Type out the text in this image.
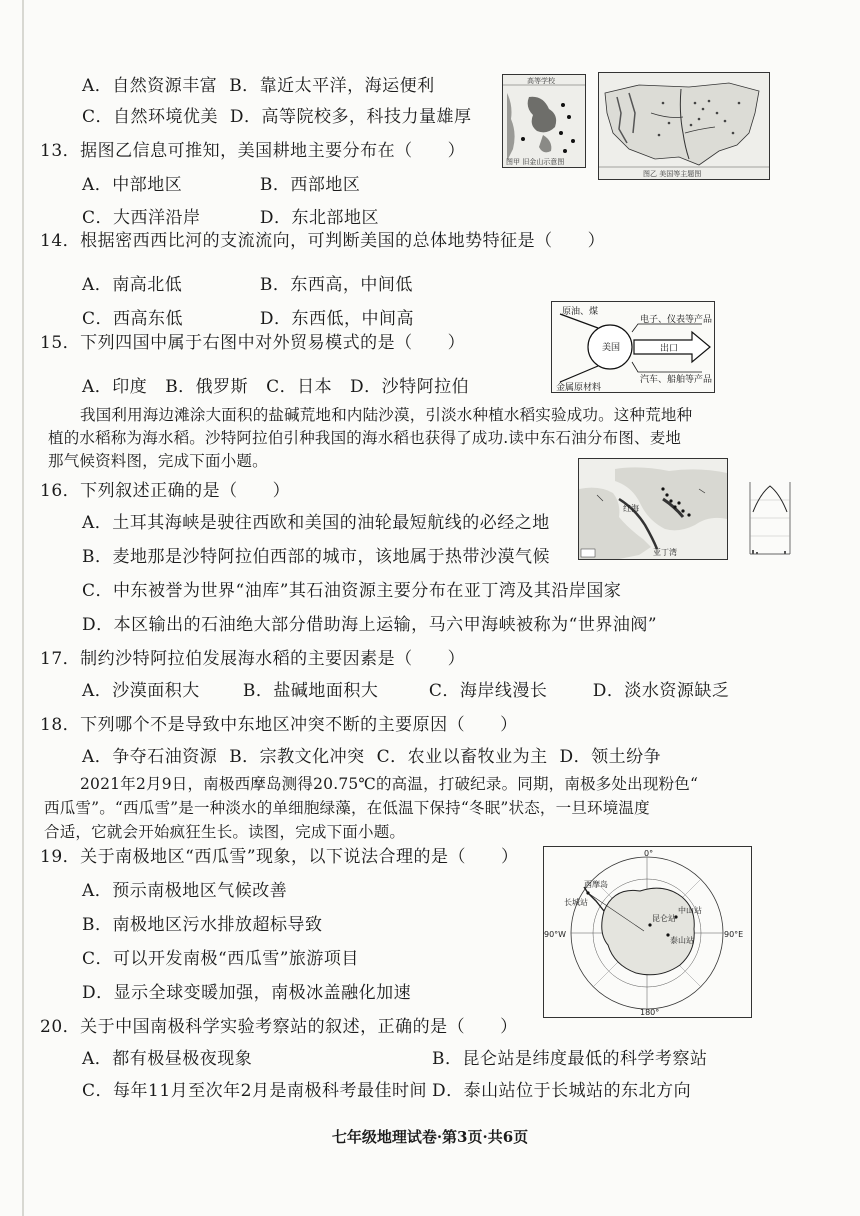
A．自然资源丰富 B．靠近太平洋，海运便利
C．自然环境优美 D．高等院校多，科技力量雄厚
13．据图乙信息可推知，美国耕地主要分布在（　　）
A．中部地区	B．西部地区
C．大西洋沿岸	D．东北部地区
14．根据密西西比河的支流流向，可判断美国的总体地势特征是（　　）
A．南高北低	B．东西高，中间低
C．西高东低	D．东西低，中间高
15．下列四国中属于右图中对外贸易模式的是（　　）
A．印度 B．俄罗斯 C．日本 D．沙特阿拉伯
我国利用海边滩涂大面积的盐碱荒地和内陆沙漠，引淡水种植水稻实验成功。这种荒地种
植的水稻称为海水稻。沙特阿拉伯引种我国的海水稻也获得了成功.读中东石油分布图、麦地
那气候资料图，完成下面小题。
16．下列叙述正确的是（　　）
A．土耳其海峡是驶往西欧和美国的油轮最短航线的必经之地
B．麦地那是沙特阿拉伯西部的城市，该地属于热带沙漠气候
C．中东被誉为世界“油库”其石油资源主要分布在亚丁湾及其沿岸国家
D．本区输出的石油绝大部分借助海上运输，马六甲海峡被称为“世界油阀”
17．制约沙特阿拉伯发展海水稻的主要因素是（　　）
A．沙漠面积大	B．盐碱地面积大	C．海岸线漫长	D．淡水资源缺乏
18．下列哪个不是导致中东地区冲突不断的主要原因（　　）
A．争夺石油资源 B．宗教文化冲突 C．农业以畜牧业为主 D．领土纷争
2021年2月9日，南极西摩岛测得20.75℃的高温，打破纪录。同期，南极多处出现粉色“
西瓜雪”。“西瓜雪”是一种淡水的单细胞绿藻，在低温下保持“冬眠”状态，一旦环境温度
合适，它就会开始疯狂生长。读图，完成下面小题。
19．关于南极地区“西瓜雪”现象，以下说法合理的是（　　）
A．预示南极地区气候改善
B．南极地区污水排放超标导致
C．可以开发南极“西瓜雪”旅游项目
D．显示全球变暖加强，南极冰盖融化加速
20．关于中国南极科学实验考察站的叙述，正确的是（　　）
A．都有极昼极夜现象	B．昆仑站是纬度最低的科学考察站
C．每年11月至次年2月是南极科考最佳时间 D．泰山站位于长城站的东北方向
七年级地理试卷·第3页·共6页
高等学校
图甲 旧金山示意图
图乙 美国等主题图
原油、煤
美国
电子、仪表等产品
出口
汽车、船舶等产品
金属原材料
红海
亚丁湾
0°
180°
90°W	90°E
长城站
西摩岛
昆仑站
中山站
泰山站
